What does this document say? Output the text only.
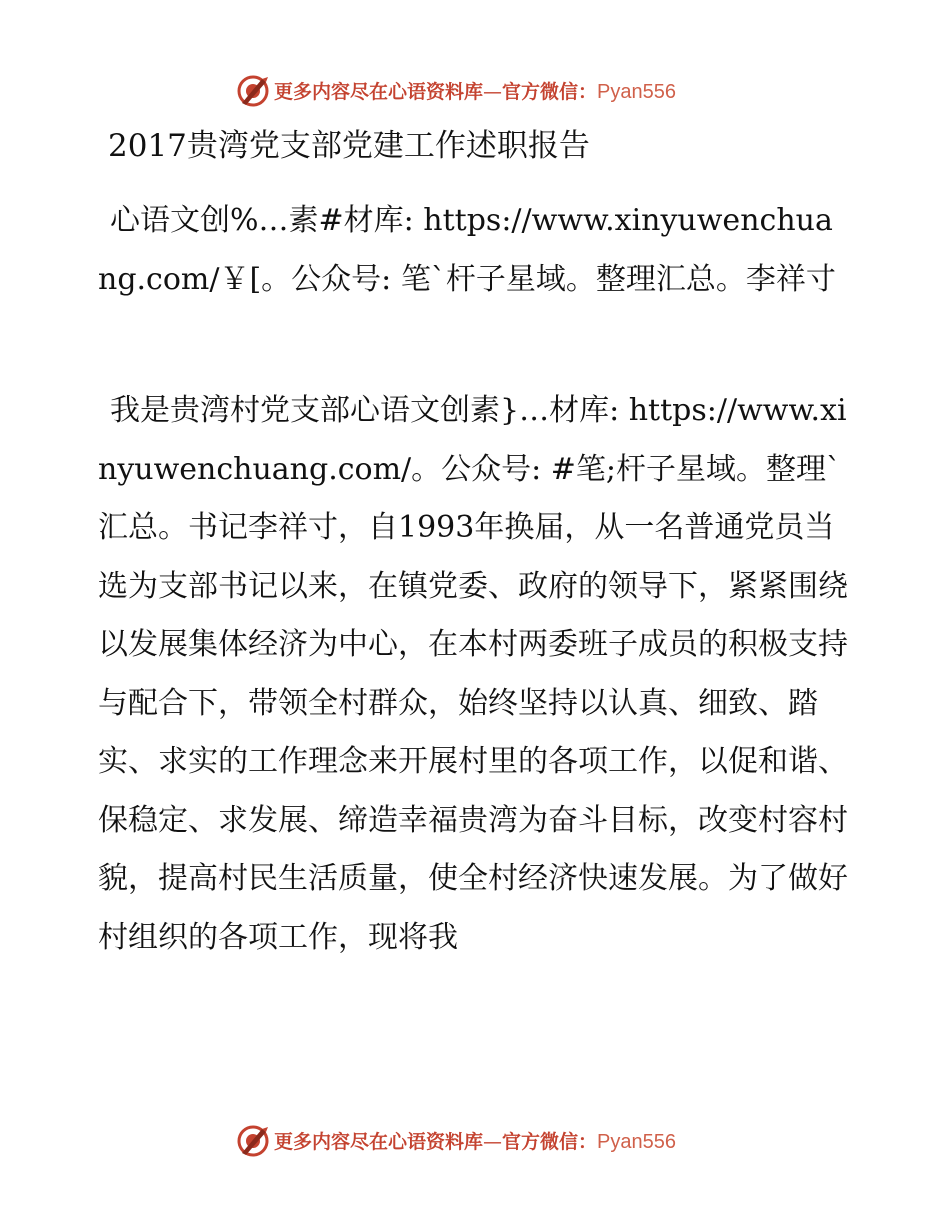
更多内容尽在心语资料库—官方微信：Pyan556
2017贵湾党支部党建工作述职报告

心语文创%…素#材库: https://www.xinyuwenchuang.com/￥[。公众号: 笔`杆子星域。整理汇总。李祥寸

我是贵湾村党支部心语文创素}…材库: https://www.xinyuwenchuang.com/。公众号: #笔;杆子星域。整理`汇总。书记李祥寸，自1993年换届，从一名普通党员当选为支部书记以来，在镇党委、政府的领导下，紧紧围绕以发展集体经济为中心，在本村两委班子成员的积极支持与配合下，带领全村群众，始终坚持以认真、细致、踏实、求实的工作理念来开展村里的各项工作，以促和谐、保稳定、求发展、缔造幸福贵湾为奋斗目标，改变村容村貌，提高村民生活质量，使全村经济快速发展。为了做好村组织的各项工作，现将我

更多内容尽在心语资料库—官方微信：Pyan556
